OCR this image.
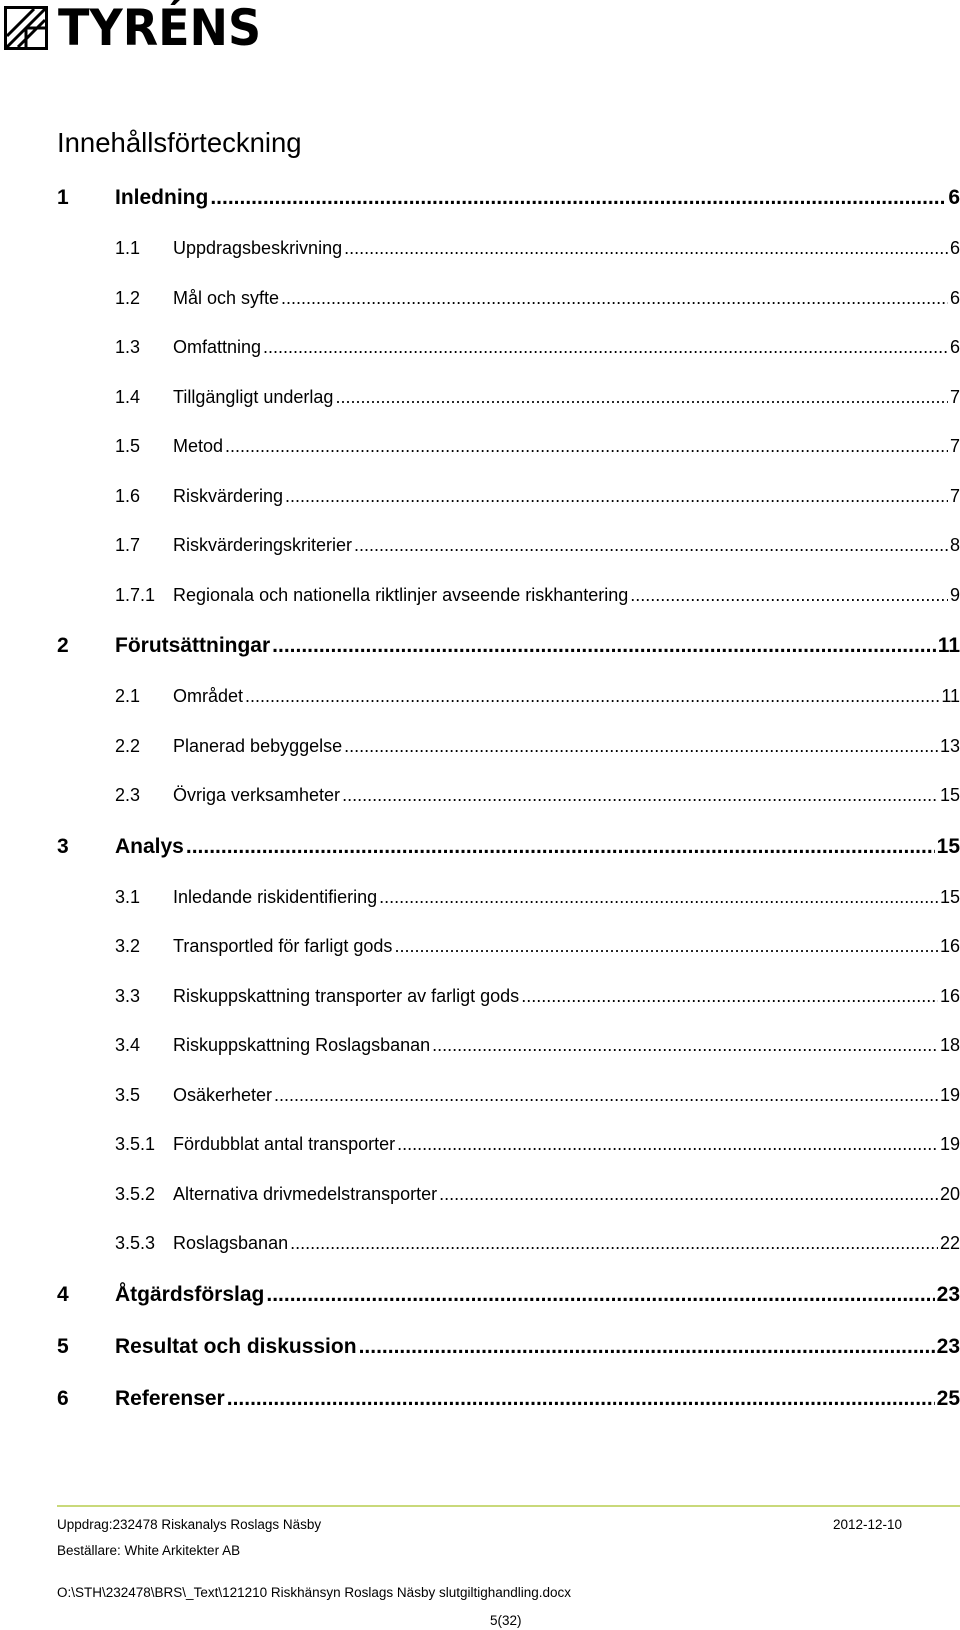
TYRÉNS
Innehållsförteckning
1	Inledning .....	6
1.1	Uppdragsbeskrivning .....	6
1.2	Mål och syfte .....	6
1.3	Omfattning .....	6
1.4	Tillgängligt underlag .....	7
1.5	Metod .....	7
1.6	Riskvärdering .....	7
1.7	Riskvärderingskriterier .....	8
1.7.1 Regionala och nationella riktlinjer avseende riskhantering .....	9
2	Förutsättningar .....	11
2.1	Området .....	11
2.2	Planerad bebyggelse .....	13
2.3	Övriga verksamheter .....	15
3	Analys .....	15
3.1	Inledande riskidentifiering .....	15
3.2	Transportled för farligt gods .....	16
3.3	Riskuppskattning transporter av farligt gods .....	16
3.4	Riskuppskattning Roslagsbanan .....	18
3.5	Osäkerheter .....	19
3.5.1 Fördubblat antal transporter .....	19
3.5.2 Alternativa drivmedelstransporter .....	20
3.5.3 Roslagsbanan .....	22
4	Åtgärdsförslag .....	23
5	Resultat och diskussion .....	23
6	Referenser .....	25
Uppdrag:232478 Riskanalys Roslags Näsby	2012-12-10
Beställare: White Arkitekter AB
O:\STH\232478\BRS\_Text\121210 Riskhänsyn Roslags Näsby slutgiltighandling.docx
5(32)
